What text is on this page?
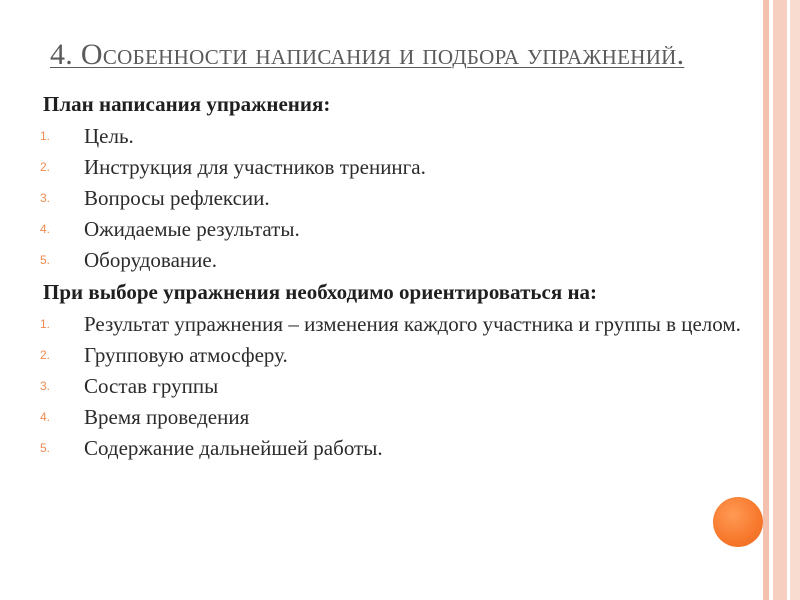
4. Особенности написания и подбора упражнений.
План написания упражнения:
1. Цель.
2. Инструкция для участников тренинга.
3. Вопросы рефлексии.
4. Ожидаемые результаты.
5. Оборудование.
При выборе упражнения необходимо ориентироваться на:
1. Результат упражнения – изменения каждого участника и группы в целом.
2. Групповую атмосферу.
3. Состав группы
4. Время проведения
5. Содержание дальнейшей работы.
